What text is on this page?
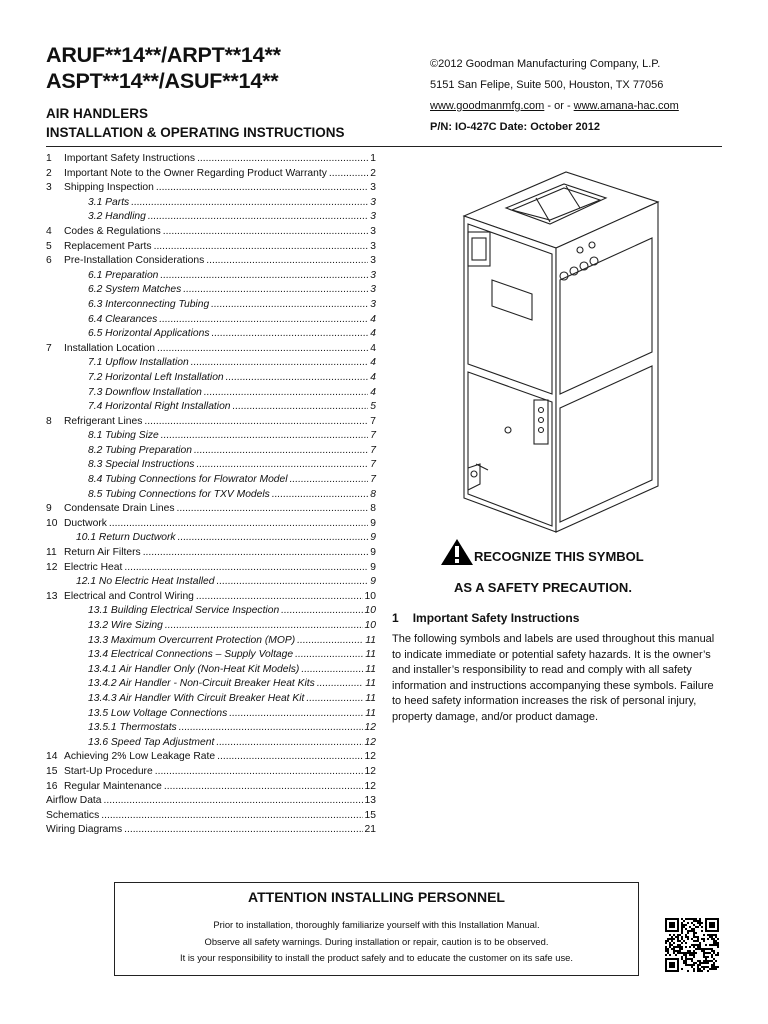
ARUF**14**/ARPT**14**
ASPT**14**/ASUF**14**
AIR HANDLERS
INSTALLATION & OPERATING INSTRUCTIONS
©2012 Goodman Manufacturing Company, L.P.
5151 San Felipe, Suite 500, Houston, TX 77056
www.goodmanmfg.com - or - www.amana-hac.com
P/N: IO-427C Date: October 2012
1	Important Safety Instructions .....	1
2	Important Note to the Owner Regarding Product Warranty .....	2
3	Shipping Inspection .....	3
3.1 Parts .....	3
3.2 Handling .....	3
4	Codes & Regulations .....	3
5	Replacement Parts .....	3
6	Pre-Installation Considerations .....	3
6.1 Preparation .....	3
6.2 System Matches .....	3
6.3 Interconnecting Tubing .....	3
6.4 Clearances .....	4
6.5 Horizontal Applications .....	4
7	Installation Location .....	4
7.1 Upflow Installation .....	4
7.2 Horizontal Left Installation .....	4
7.3 Downflow Installation .....	4
7.4 Horizontal Right Installation .....	5
8	Refrigerant Lines .....	7
8.1 Tubing Size .....	7
8.2 Tubing Preparation .....	7
8.3 Special Instructions .....	7
8.4 Tubing Connections for Flowrator Model .....	7
8.5 Tubing Connections for TXV Models .....	8
9	Condensate Drain Lines .....	8
10 Ductwork .....	9
10.1 Return Ductwork .....	9
11 Return Air Filters .....	9
12 Electric Heat .....	9
12.1 No Electric Heat Installed .....	9
13 Electrical and Control Wiring .....	10
13.1 Building Electrical Service Inspection .....	10
13.2 Wire Sizing .....	10
13.3 Maximum Overcurrent Protection (MOP) .....	11
13.4 Electrical Connections – Supply Voltage .....	11
13.4.1 Air Handler Only (Non-Heat Kit Models) .....	11
13.4.2 Air Handler - Non-Circuit Breaker Heat Kits .....	11
13.4.3 Air Handler With Circuit Breaker Heat Kit .....	11
13.5 Low Voltage Connections .....	11
13.5.1 Thermostats .....	12
13.6 Speed Tap Adjustment .....	12
14 Achieving 2% Low Leakage Rate .....	12
15 Start-Up Procedure .....	12
16 Regular Maintenance .....	12
Airflow Data .....	13
Schematics .....	15
Wiring Diagrams .....	21
RECOGNIZE THIS SYMBOL
AS A SAFETY PRECAUTION.
1 Important Safety Instructions
The following symbols and labels are used throughout this manual to indicate immediate or potential safety hazards. It is the owner’s and installer’s responsibility to read and comply with all safety information and instructions accompanying these symbols. Failure to heed safety information increases the risk of personal injury, property damage, and/or product damage.
ATTENTION INSTALLING PERSONNEL
Prior to installation, thoroughly familiarize yourself with this Installation Manual.
Observe all safety warnings. During installation or repair, caution is to be observed.
It is your responsibility to install the product safely and to educate the customer on its safe use.
